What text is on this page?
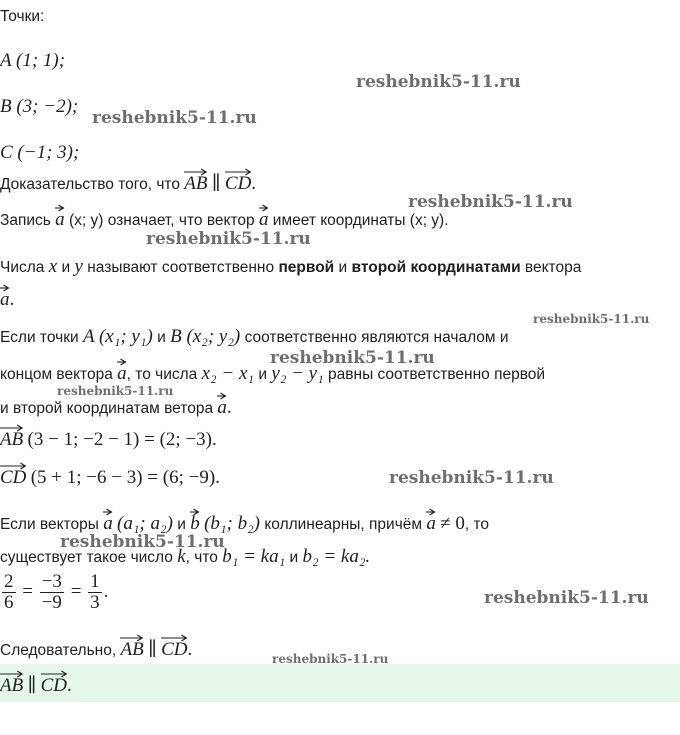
Точки:
A (1; 1);
B (3; −2);
C (−1; 3);
Доказательство того, что AB ∥ CD.
Запись a (x; y) означает, что вектор a имеет координаты (x; y).
Числа x и y называют соответственно первой и второй координатами вектора
a.
Если точки A (x₁; y₁) и B (x₂; y₂) соответственно являются началом и
концом вектора a, то числа x₂ − x₁ и y₂ − y₁ равны соответственно первой
и второй координатам ветора a.
AB (3 − 1; −2 − 1) = (2; −3).
CD (5 + 1; −6 − 3) = (6; −9).
Если векторы a (a₁; a₂) и b (b₁; b₂) коллинеарны, причём a ≠ 0, то
существует такое число k, что b₁ = ka₁ и b₂ = ka₂.
$\frac{2}{6} = \frac{-3}{-9} = \frac{1}{3}$ .
Следовательно, AB ∥ CD.
AB ∥ CD.
reshebnik5-11.ru
reshebnik5-11.ru
reshebnik5-11.ru
reshebnik5-11.ru
reshebnik5-11.ru
reshebnik5-11.ru
reshebnik5-11.ru
reshebnik5-11.ru
reshebnik5-11.ru
reshebnik5-11.ru
reshebnik5-11.ru
